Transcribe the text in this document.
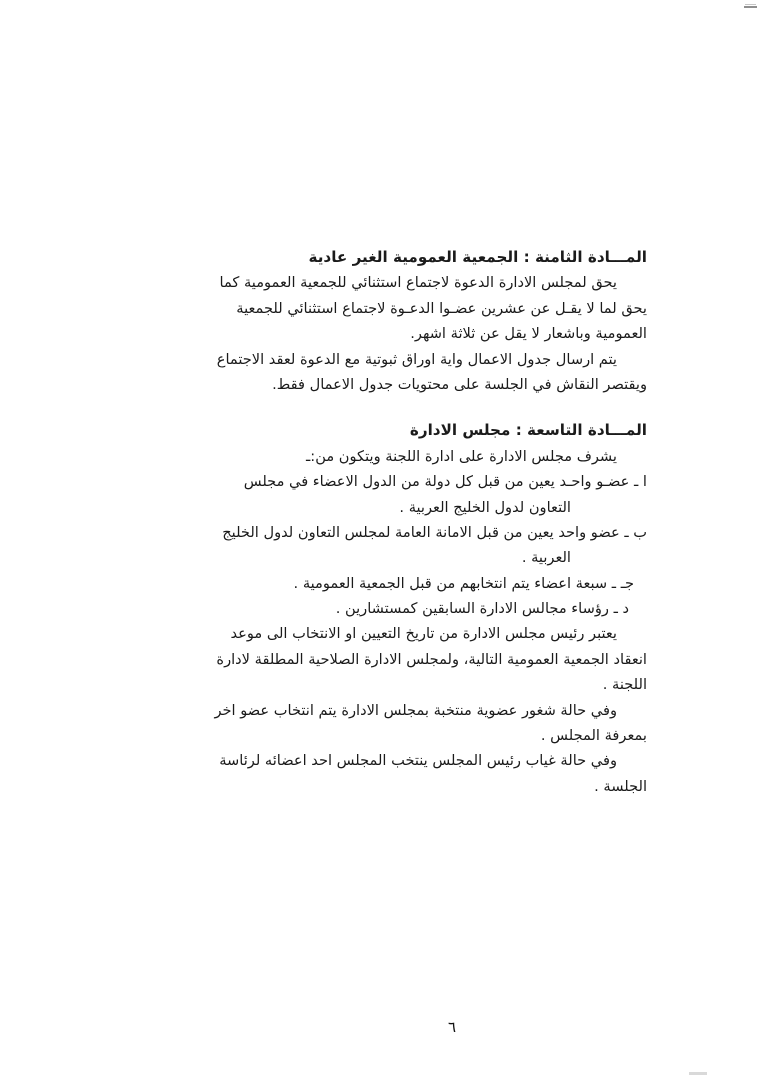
المـــادة الثامنة : الجمعية العمومية الغير عادية
يحق لمجلس الادارة الدعوة لاجتماع استثنائي للجمعية العمومية كما
يحق لما لا يقـل عن عشرين عضـوا الدعـوة لاجتماع استثنائي للجمعية
العمومية وباشعار لا يقل عن ثلاثة اشهر.
يتم ارسال جدول الاعمال واية اوراق ثبوتية مع الدعوة لعقد الاجتماع
ويقتصر النقاش في الجلسة على محتويات جدول الاعمال فقط.
المـــادة التاسعة : مجلس الادارة
يشرف مجلس الادارة على ادارة اللجنة ويتكون من:ـ
ا ـ عضـو واحـد يعين من قبل كل دولة من الدول الاعضاء في مجلس
التعاون لدول الخليج العربية .
ب ـ عضو واحد يعين من قبل الامانة العامة لمجلس التعاون لدول الخليج
العربية .
جـ ـ سبعة اعضاء يتم انتخابهم من قبل الجمعية العمومية .
د ـ رؤساء مجالس الادارة السابقين كمستشارين .
يعتبر رئيس مجلس الادارة من تاريخ التعيين او الانتخاب الى موعد
انعقاد الجمعية العمومية التالية، ولمجلس الادارة الصلاحية المطلقة لادارة
اللجنة .
وفي حالة شغور عضوية منتخبة بمجلس الادارة يتم انتخاب عضو اخر
بمعرفة المجلس .
وفي حالة غياب رئيس المجلس ينتخب المجلس احد اعضائه لرئاسة
الجلسة .
٦
